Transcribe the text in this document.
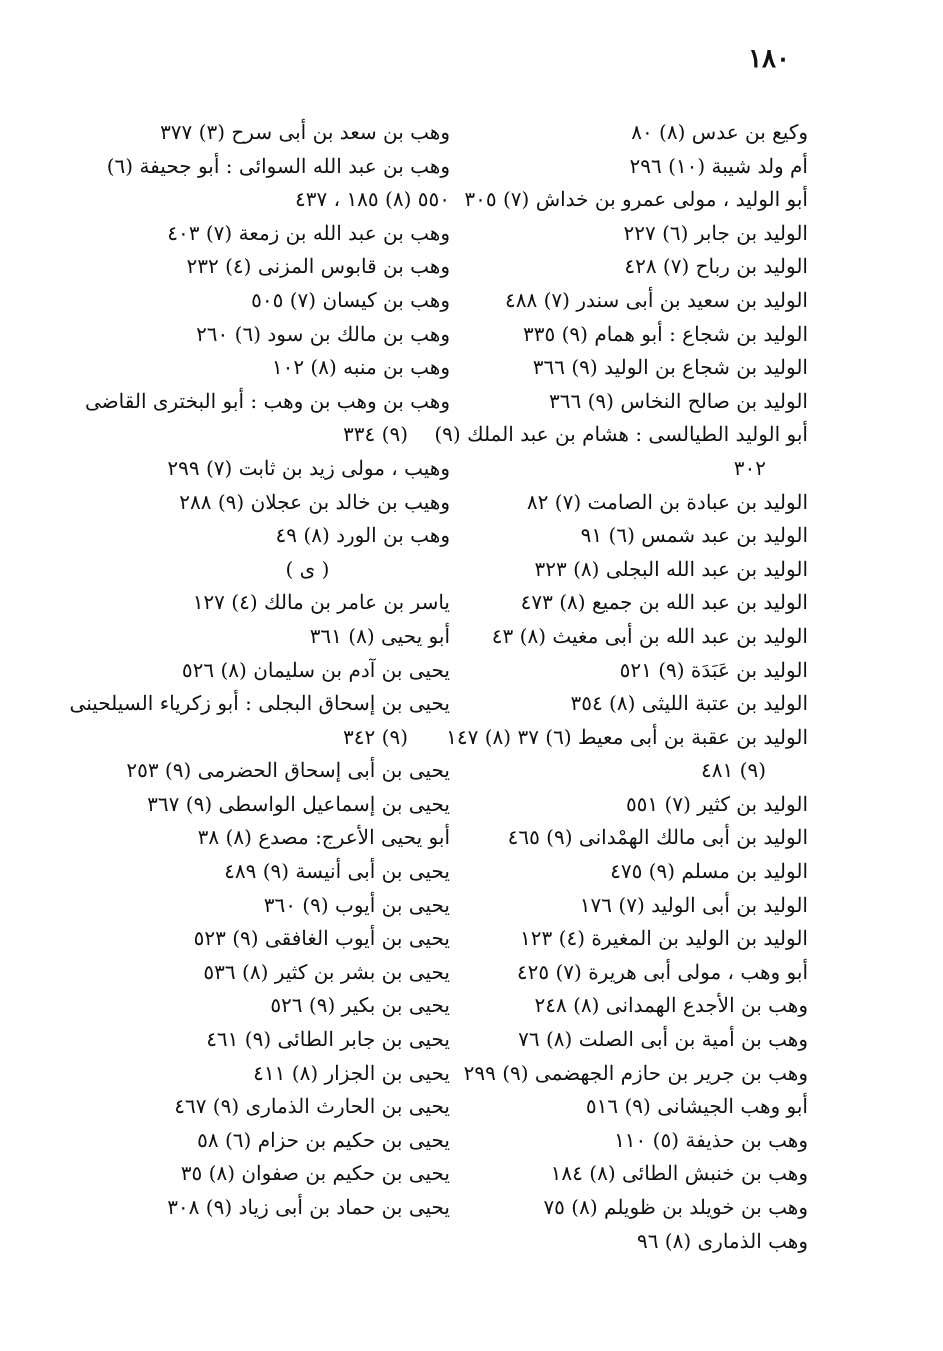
١٨٠
وكيع بن عدس (٨) ٨٠
أم ولد شيبة (١٠) ٢٩٦
أبو الوليد ، مولى عمرو بن خداش (٧) ٣٠٥
الوليد بن جابر (٦) ٢٢٧
الوليد بن رباح (٧) ٤٢٨
الوليد بن سعيد بن أبى سندر (٧) ٤٨٨
الوليد بن شجاع : أبو همام (٩) ٣٣٥
الوليد بن شجاع بن الوليد (٩) ٣٦٦
الوليد بن صالح النخاس (٩) ٣٦٦
أبو الوليد الطيالسى : هشام بن عبد الملك (٩)
٣٠٢
الوليد بن عبادة بن الصامت (٧) ٨٢
الوليد بن عبد شمس (٦) ٩١
الوليد بن عبد الله البجلى (٨) ٣٢٣
الوليد بن عبد الله بن جميع (٨) ٤٧٣
الوليد بن عبد الله بن أبى مغيث (٨) ٤٣
الوليد بن عَبَدَة (٩) ٥٢١
الوليد بن عتبة الليثى (٨) ٣٥٤
الوليد بن عقبة بن أبى معيط (٦) ٣٧ (٨) ١٤٧
(٩) ٤٨١
الوليد بن كثير (٧) ٥٥١
الوليد بن أبى مالك الهمْدانى (٩) ٤٦٥
الوليد بن مسلم (٩) ٤٧٥
الوليد بن أبى الوليد (٧) ١٧٦
الوليد بن الوليد بن المغيرة (٤) ١٢٣
أبو وهب ، مولى أبى هريرة (٧) ٤٢٥
وهب بن الأجدع الهمدانى (٨) ٢٤٨
وهب بن أمية بن أبى الصلت (٨) ٧٦
وهب بن جرير بن حازم الجهضمى (٩) ٢٩٩
أبو وهب الجيشانى (٩) ٥١٦
وهب بن حذيفة (٥) ١١٠
وهب بن خنبش الطائى (٨) ١٨٤
وهب بن خويلد بن ظويلم (٨) ٧٥
وهب الذمارى (٨) ٩٦
وهب بن سعد بن أبى سرح (٣) ٣٧٧
وهب بن عبد الله السوائى : أبو جحيفة (٦)
٥٥٠ (٨) ١٨٥ ، ٤٣٧
وهب بن عبد الله بن زمعة (٧) ٤٠٣
وهب بن قابوس المزنى (٤) ٢٣٢
وهب بن كيسان (٧) ٥٠٥
وهب بن مالك بن سود (٦) ٢٦٠
وهب بن منبه (٨) ١٠٢
وهب بن وهب بن وهب : أبو البخترى القاضى
(٩) ٣٣٤
وهيب ، مولى زيد بن ثابت (٧) ٢٩٩
وهيب بن خالد بن عجلان (٩) ٢٨٨
وهب بن الورد (٨) ٤٩
( ى )
ياسر بن عامر بن مالك (٤) ١٢٧
أبو يحيى (٨) ٣٦١
يحيى بن آدم بن سليمان (٨) ٥٢٦
يحيى بن إسحاق البجلى : أبو زكرياء السيلحينى
(٩) ٣٤٢
يحيى بن أبى إسحاق الحضرمى (٩) ٢٥٣
يحيى بن إسماعيل الواسطى (٩) ٣٦٧
أبو يحيى الأعرج: مصدع (٨) ٣٨
يحيى بن أبى أنيسة (٩) ٤٨٩
يحيى بن أيوب (٩) ٣٦٠
يحيى بن أيوب الغافقى (٩) ٥٢٣
يحيى بن بشر بن كثير (٨) ٥٣٦
يحيى بن بكير (٩) ٥٢٦
يحيى بن جابر الطائى (٩) ٤٦١
يحيى بن الجزار (٨) ٤١١
يحيى بن الحارث الذمارى (٩) ٤٦٧
يحيى بن حكيم بن حزام (٦) ٥٨
يحيى بن حكيم بن صفوان (٨) ٣٥
يحيى بن حماد بن أبى زياد (٩) ٣٠٨
